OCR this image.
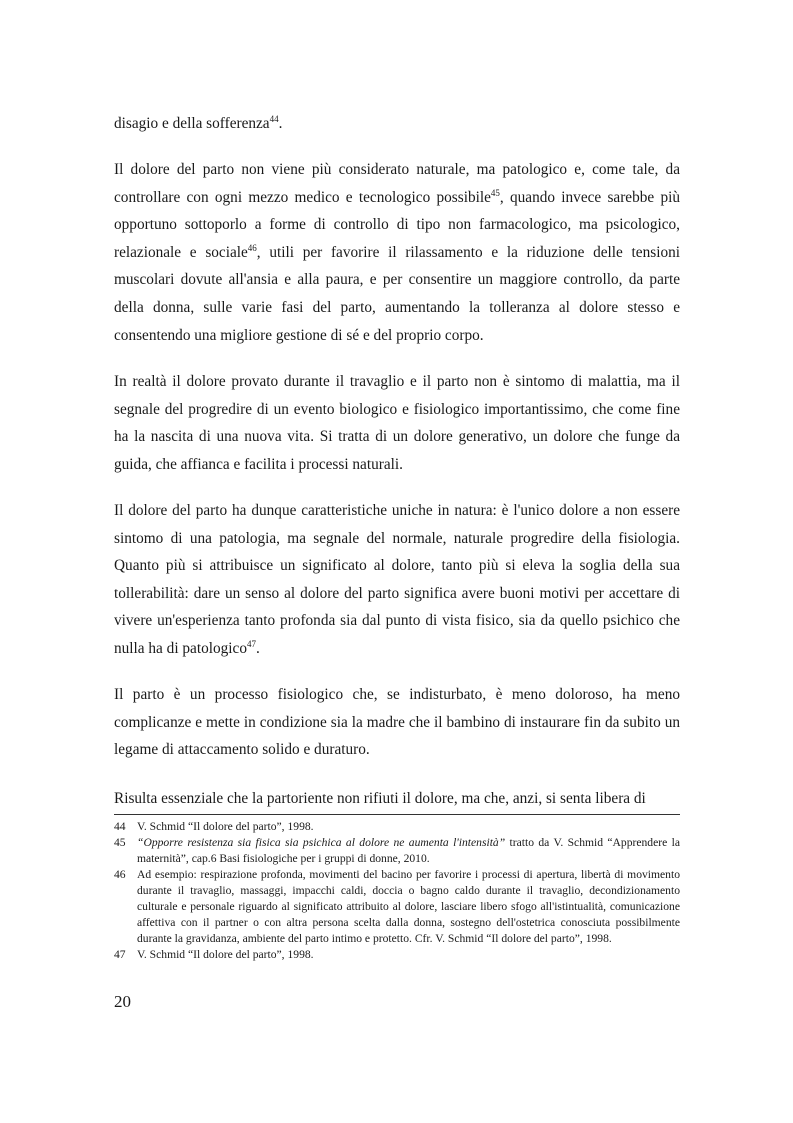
disagio e della sofferenza$^{44}$.

Il dolore del parto non viene più considerato naturale, ma patologico e, come tale, da controllare con ogni mezzo medico e tecnologico possibile$^{45}$, quando invece sarebbe più opportuno sottoporlo a forme di controllo di tipo non farmacologico, ma psicologico, relazionale e sociale$^{46}$, utili per favorire il rilassamento e la riduzione delle tensioni muscolari dovute all'ansia e alla paura, e per consentire un maggiore controllo, da parte della donna, sulle varie fasi del parto, aumentando la tolleranza al dolore stesso e consentendo una migliore gestione di sé e del proprio corpo.

In realtà il dolore provato durante il travaglio e il parto non è sintomo di malattia, ma il segnale del progredire di un evento biologico e fisiologico importantissimo, che come fine ha la nascita di una nuova vita. Si tratta di un dolore generativo, un dolore che funge da guida, che affianca e facilita i processi naturali.

Il dolore del parto ha dunque caratteristiche uniche in natura: è l'unico dolore a non essere sintomo di una patologia, ma segnale del normale, naturale progredire della fisiologia. Quanto più si attribuisce un significato al dolore, tanto più si eleva la soglia della sua tollerabilità: dare un senso al dolore del parto significa avere buoni motivi per accettare di vivere un'esperienza tanto profonda sia dal punto di vista fisico, sia da quello psichico che nulla ha di patologico$^{47}$.

Il parto è un processo fisiologico che, se indisturbato, è meno doloroso, ha meno complicanze e mette in condizione sia la madre che il bambino di instaurare fin da subito un legame di attaccamento solido e duraturo.

Risulta essenziale che la partoriente non rifiuti il dolore, ma che, anzi, si senta libera di

44 V. Schmid “Il dolore del parto”, 1998.
45 “Opporre resistenza sia fisica sia psichica al dolore ne aumenta l'intensità” tratto da V. Schmid “Apprendere la maternità”, cap.6 Basi fisiologiche per i gruppi di donne, 2010.
46 Ad esempio: respirazione profonda, movimenti del bacino per favorire i processi di apertura, libertà di movimento durante il travaglio, massaggi, impacchi caldi, doccia o bagno caldo durante il travaglio, decondizionamento culturale e personale riguardo al significato attribuito al dolore, lasciare libero sfogo all'istintualità, comunicazione affettiva con il partner o con altra persona scelta dalla donna, sostegno dell'ostetrica conosciuta possibilmente durante la gravidanza, ambiente del parto intimo e protetto. Cfr. V. Schmid “Il dolore del parto”, 1998.
47 V. Schmid “Il dolore del parto”, 1998.
20
